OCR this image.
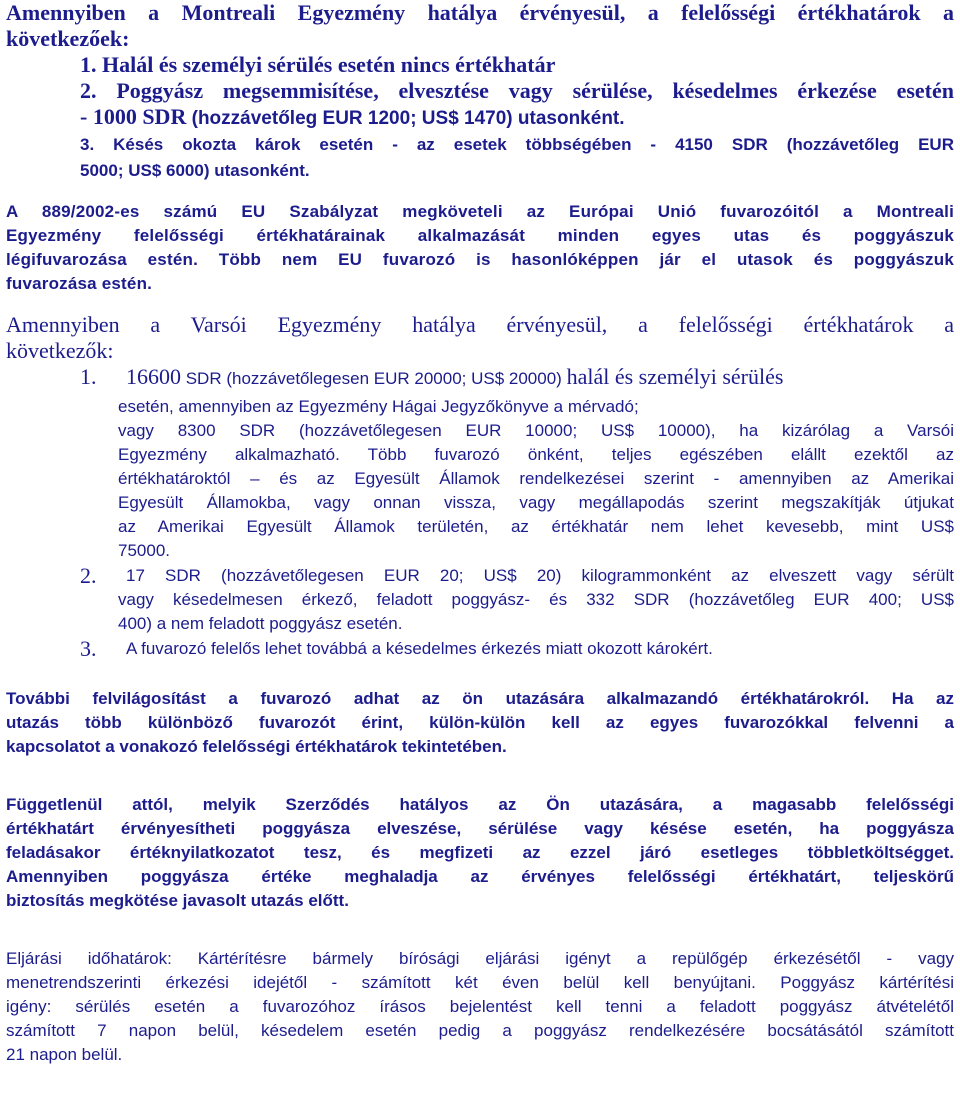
Amennyiben a Montreali Egyezmény hatálya érvényesül, a felelősségi értékhatárok a
következőek:
1. Halál és személyi sérülés esetén nincs értékhatár
2. Poggyász megsemmisítése, elvesztése vagy sérülése, késedelmes érkezése esetén
- 1000 SDR (hozzávetőleg EUR 1200; US$ 1470) utasonként.
3. Késés okozta károk esetén - az esetek többségében - 4150 SDR (hozzávetőleg EUR
5000; US$ 6000) utasonként.
A 889/2002-es számú EU Szabályzat megköveteli az Európai Unió fuvarozóitól a Montreali
Egyezmény felelősségi értékhatárainak alkalmazását minden egyes utas és poggyászuk
légifuvarozása estén. Több nem EU fuvarozó is hasonlóképpen jár el utasok és poggyászuk
fuvarozása estén.
Amennyiben a Varsói Egyezmény hatálya érvényesül, a felelősségi értékhatárok a
következők:
1. 16600 SDR (hozzávetőlegesen EUR 20000; US$ 20000) halál és személyi sérülés
esetén, amennyiben az Egyezmény Hágai Jegyzőkönyve a mérvadó;
vagy 8300 SDR (hozzávetőlegesen EUR 10000; US$ 10000), ha kizárólag a Varsói
Egyezmény alkalmazható. Több fuvarozó önként, teljes egészében elállt ezektől az
értékhatároktól – és az Egyesült Államok rendelkezései szerint - amennyiben az Amerikai
Egyesült Államokba, vagy onnan vissza, vagy megállapodás szerint megszakítják útjukat
az Amerikai Egyesült Államok területén, az értékhatár nem lehet kevesebb, mint US$
75000.
2. 17 SDR (hozzávetőlegesen EUR 20; US$ 20) kilogrammonként az elveszett vagy sérült
vagy késedelmesen érkező, feladott poggyász- és 332 SDR (hozzávetőleg EUR 400; US$
400) a nem feladott poggyász esetén.
3. A fuvarozó felelős lehet továbbá a késedelmes érkezés miatt okozott károkért.
További felvilágosítást a fuvarozó adhat az ön utazására alkalmazandó értékhatárokról. Ha az
utazás több különböző fuvarozót érint, külön-külön kell az egyes fuvarozókkal felvenni a
kapcsolatot a vonakozó felelősségi értékhatárok tekintetében.
Függetlenül attól, melyik Szerződés hatályos az Ön utazására, a magasabb felelősségi
értékhatárt érvényesítheti poggyásza elveszése, sérülése vagy késése esetén, ha poggyásza
feladásakor értéknyilatkozatot tesz, és megfizeti az ezzel járó esetleges többletköltségget.
Amennyiben poggyásza értéke meghaladja az érvényes felelősségi értékhatárt, teljeskörű
biztosítás megkötése javasolt utazás előtt.
Eljárási időhatárok: Kártérítésre bármely bírósági eljárási igényt a repülőgép érkezésétől - vagy
menetrendszerinti érkezési idejétől - számított két éven belül kell benyújtani. Poggyász kártérítési
igény: sérülés esetén a fuvarozóhoz írásos bejelentést kell tenni a feladott poggyász átvételétől
számított 7 napon belül, késedelem esetén pedig a poggyász rendelkezésére bocsátásától számított
21 napon belül.
